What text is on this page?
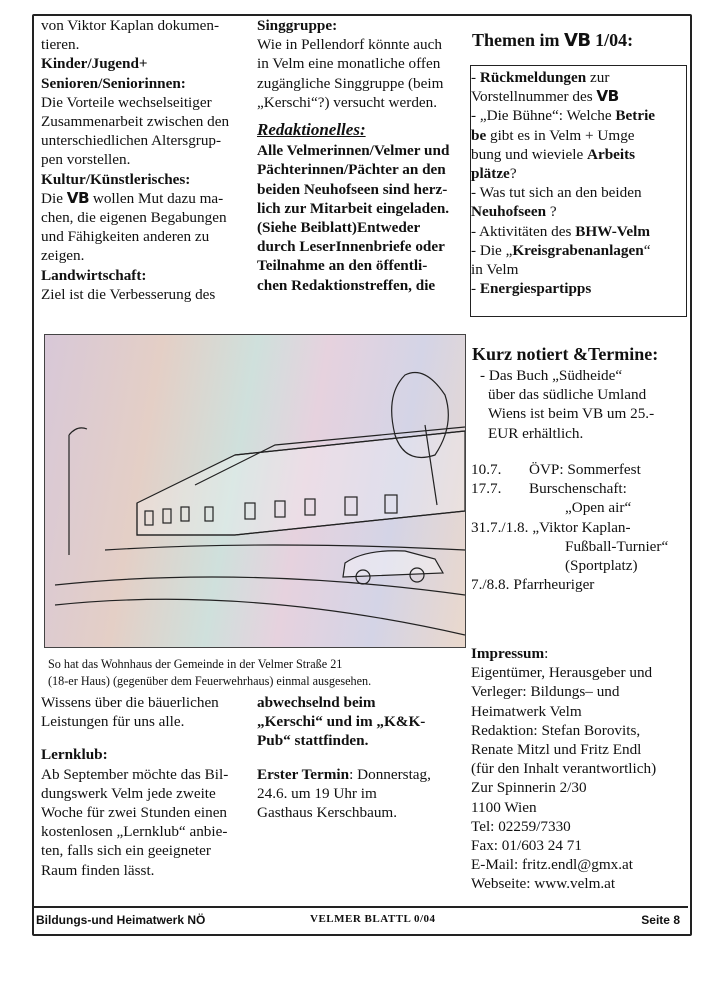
von Viktor Kaplan dokumen-

tieren.

Kinder/Jugend+

Senioren/Seniorinnen:

Die Vorteile wechselseitiger

Zusammenarbeit zwischen den

unterschiedlichen Altersgrup-

pen vorstellen.

Kultur/Künstlerisches:

Die VB wollen Mut dazu ma-

chen, die eigenen Begabungen

und Fähigkeiten anderen zu

zeigen.

Landwirtschaft:

Ziel ist die Verbesserung des

Singgruppe:

Wie in Pellendorf könnte auch

in Velm eine monatliche offen

zugängliche Singgruppe (beim

„Kerschi“?) versucht werden.

Redaktionelles:

Alle Velmerinnen/Velmer und

Pächterinnen/Pächter an den

beiden Neuhofseen sind herz-

lich zur Mitarbeit eingeladen.

(Siehe Beiblatt)Entweder

durch LeserInnenbriefe oder

Teilnahme an den öffentli-

chen Redaktionstreffen, die

Themen im VB 1/04:
- Rückmeldungen zur
Vorstellnummer des VB
- „Die Bühne“: Welche Betrie
be gibt es in Velm + Umge
bung und wieviele Arbeits
plätze?
- Was tut sich an den beiden
Neuhofseen ?
- Aktivitäten des BHW-Velm
- Die „Kreisgrabenanlagen“
in Velm
- Energiespartipps
So hat das Wohnhaus der Gemeinde in der Velmer Straße 21
(18-er Haus) (gegenüber dem Feuerwehrhaus) einmal ausgesehen.
Kurz notiert &Termine:
- Das Buch „Südheide“
über das südliche Umland
Wiens ist beim VB um 25.-
EUR erhältlich.
10.7.	ÖVP: Sommerfest
17.7.	Burschenschaft:
„Open air“
31.7./1.8. „Viktor Kaplan-
Fußball-Turnier“ (Sportplatz)
7./8.8. Pfarrheuriger

Wissens über die bäuerlichen

Leistungen für uns alle.

Lernklub:

Ab September möchte das Bil-

dungswerk Velm jede zweite

Woche für zwei Stunden einen

kostenlosen „Lernklub“ anbie-

ten, falls sich ein geeigneter

Raum finden lässt.

abwechselnd beim

„Kerschi“ und im „K&K-

Pub“ stattfinden.

Erster Termin: Donnerstag,

24.6. um 19 Uhr im

Gasthaus Kerschbaum.

Impressum:
Eigentümer, Herausgeber und
Verleger: Bildungs– und
Heimatwerk Velm
Redaktion: Stefan Borovits,
Renate Mitzl und Fritz Endl
(für den Inhalt verantwortlich)
Zur Spinnerin 2/30
1100 Wien
Tel: 02259/7330
Fax: 01/603 24 71
E-Mail: fritz.endl@gmx.at
Webseite: www.velm.at
Bildungs-und Heimatwerk NÖ	VELMER BLATTL 0/04	Seite 8
